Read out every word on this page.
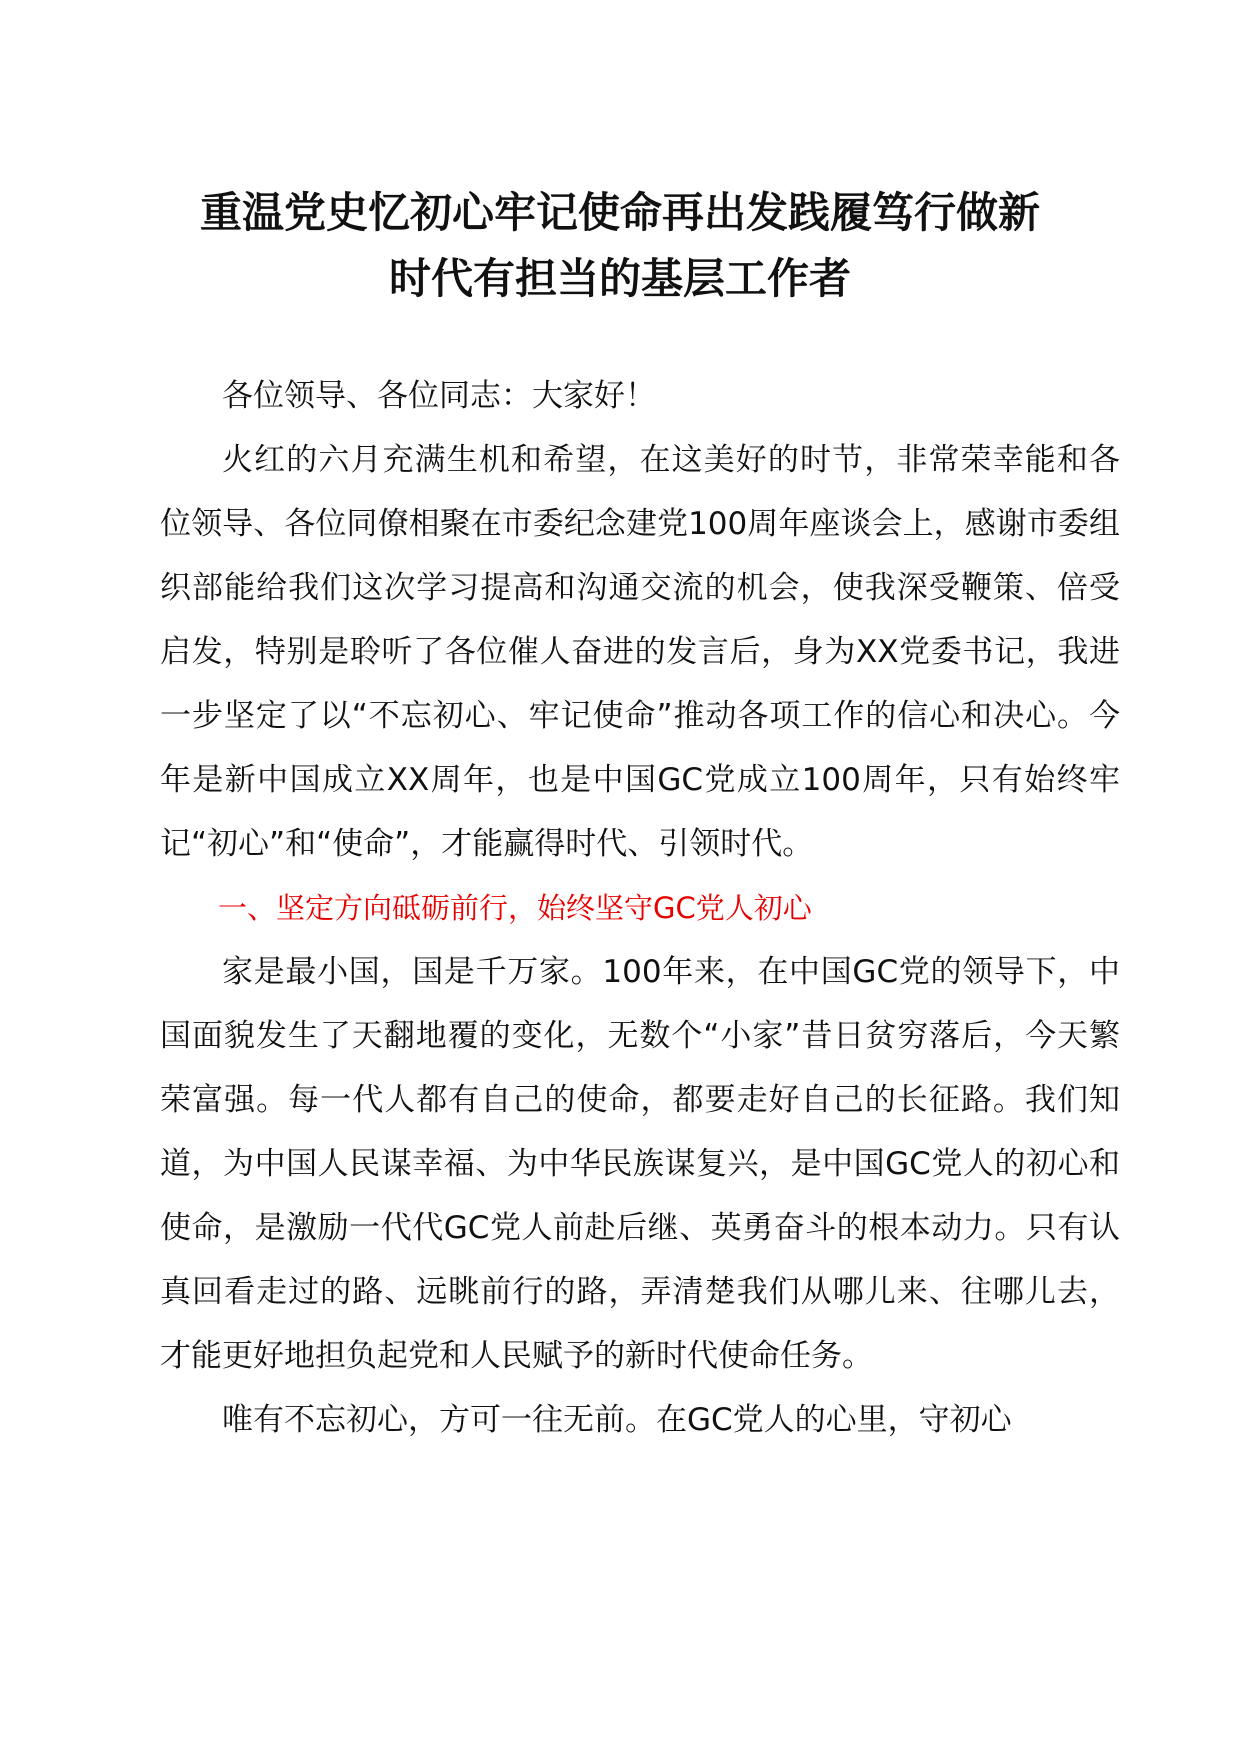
重温党史忆初心牢记使命再出发践履笃行做新
时代有担当的基层工作者

各位领导、各位同志：大家好！

火红的六月充满生机和希望，在这美好的时节，非常荣幸能和各位领导、各位同僚相聚在市委纪念建党100周年座谈会上，感谢市委组织部能给我们这次学习提高和沟通交流的机会，使我深受鞭策、倍受启发，特别是聆听了各位催人奋进的发言后，身为XX党委书记，我进一步坚定了以“不忘初心、牢记使命”推动各项工作的信心和决心。今年是新中国成立XX周年，也是中国GC党成立100周年，只有始终牢记“初心”和“使命”，才能赢得时代、引领时代。

一、坚定方向砥砺前行，始终坚守GC党人初心

家是最小国，国是千万家。100年来，在中国GC党的领导下，中国面貌发生了天翻地覆的变化，无数个“小家”昔日贫穷落后，今天繁荣富强。每一代人都有自己的使命，都要走好自己的长征路。我们知道，为中国人民谋幸福、为中华民族谋复兴，是中国GC党人的初心和使命，是激励一代代GC党人前赴后继、英勇奋斗的根本动力。只有认真回看走过的路、远眺前行的路，弄清楚我们从哪儿来、往哪儿去，才能更好地担负起党和人民赋予的新时代使命任务。

唯有不忘初心，方可一往无前。在GC党人的心里，守初心
